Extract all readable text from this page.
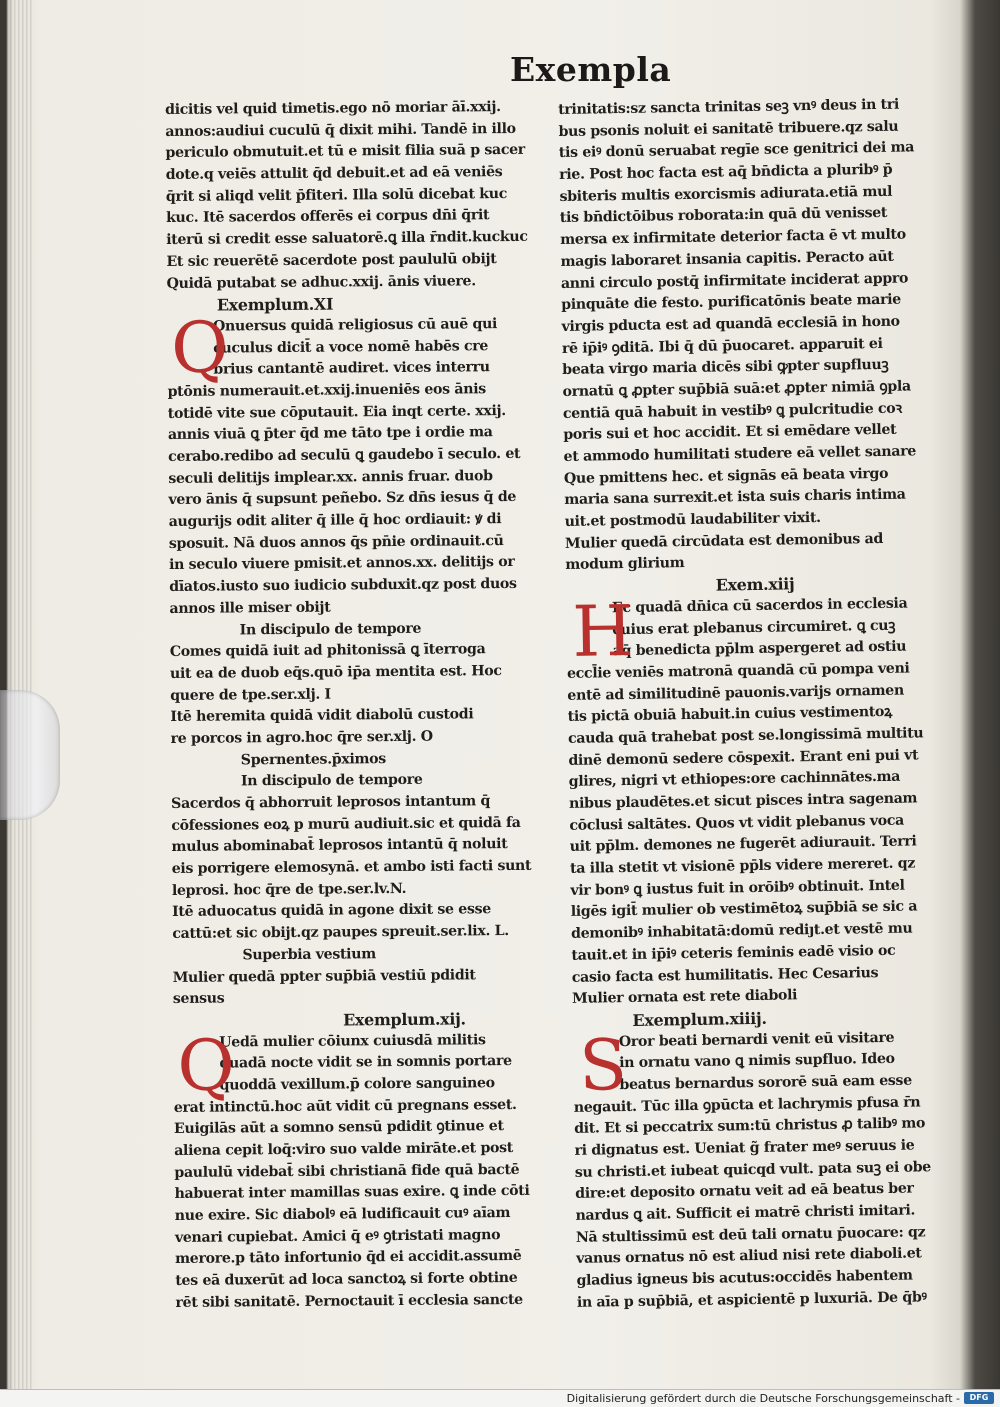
Exempla
dicitis vel quid timetis.ego nō moriar āī.xxij.
annos:audiui cuculū q̄ dixit mihi. Tandē in illo
periculo obmutuit.et tū e misit filia suā p sacer
dote.q veiēs attulit q̄d debuit.et ad eā veniēs
q̄rit si aliqd velit p̄fiteri. Illa solū dicebat kuc
kuc. Itē sacerdos offerēs ei corpus dn̄i q̄rit
iterū si credit esse saluatorē.ꝗ illa r̄ndit.kuckuc
Et sic reuerētē sacerdote post paululū obijt
Quidā putabat se adhuc.xxij. ānis viuere.
Exemplum.XI
Q
Onuersus quidā religiosus cū auē qui
cuculus dicit̄ a voce nomē habēs cre
brius cantantē audiret. vices interru
ptōnis numerauit.et.xxij.inueniēs eos ānis
totidē vite sue cōputauit. Eia inqt certe. xxij.
annis viuā ꝗ p̄ter q̄d me tāto tpe i ordie ma
cerabo.redibo ad seculū ꝗ gaudebo ī seculo. et
seculi delitijs implear.xx. annis fruar. duob
vero ānis q̄ supsunt peñebo. Sz dn̄s iesus q̄ de
augurijs odit aliter q̄ ille q̄ hoc ordiauit: ꝟ di
sposuit. Nā duos annos q̄s pn̄ie ordinauit.cū
in seculo viuere pmisit.et annos.xx. delitijs or
dīatos.iusto suo iudicio subduxit.qz post duos
annos ille miser obijt
In discipulo de tempore
Comes quidā iuit ad phitonissā ꝗ īterroga
uit ea de duob eq̄s.quō ip̄a mentita est. Hoc
quere de tpe.ser.xlj. I
Itē heremita quidā vidit diabolū custodi
re porcos in agro.hoc q̄re ser.xlj. O
Spernentes.p̄ximos
In discipulo de tempore
Sacerdos q̄ abhorruit leprosos intantum q̄
cōfessiones eoꝝ p murū audiuit.sic et quidā fa
mulus abominabat̄ leprosos intantū q̄ noluit
eis porrigere elemosynā. et ambo isti facti sunt
leprosi. hoc q̄re de tpe.ser.lv.N.
Itē aduocatus quidā in agone dixit se esse
cattū:et sic obijt.qz paupes spreuit.ser.lix. L.
Superbia vestium
Mulier quedā ppter sup̄biā vestiū pdidit
sensus
Exemplum.xij.
Q
Uedā mulier cōiunx cuiusdā militis
quadā nocte vidit se in somnis portare
quoddā vexillum.p̄ colore sanguineo
erat intinctū.hoc aūt vidit cū pregnans esset.
Euigilās aūt a somno sensū pdidit ꝯtinue et
aliena cepit loq̄:viro suo valde mirāte.et post
paululū videbat̄ sibi christianā fide quā bactē
habuerat inter mamillas suas exire. ꝗ inde cōti
nue exire. Sic diabolꝰ eā ludificauit cuꝰ aīam
venari cupiebat. Amici q̄ eꝰ ꝯtristati magno
merore.p tāto infortunio q̄d ei accidit.assumē
tes eā duxerūt ad loca sanctoꝝ si forte obtine
rēt sibi sanitatē. Pernoctauit ī ecclesia sancte
trinitatis:sz sancta trinitas seꝫ vnꝰ deus in tri
bus psonis noluit ei sanitatē tribuere.qz salu
tis eiꝰ donū seruabat regīe sce genitrici dei ma
rie. Post hoc facta est aq̄ bn̄dicta a pluribꝰ p̄
sbiteris multis exorcismis adiurata.etiā mul
tis bn̄dictōibus roborata:in quā dū venisset
mersa ex infirmitate deterior facta ē vt multo
magis laboraret insania capitis. Peracto aūt
anni circulo postq̄ infirmitate inciderat appro
pinquāte die festo. purificatōnis beate marie
virgis pducta est ad quandā ecclesiā in hono
rē ip̄iꝰ ꝯditā. Ibi q̄ dū p̄uocaret. apparuit ei
beata virgo maria dicēs sibi ꝙpter supfluuꝫ
ornatū ꝗ ꝓpter sup̄biā suā:et ꝓpter nimiā ꝯpla
centiā quā habuit in vestibꝰ ꝗ pulcritudie coꝛ
poris sui et hoc accidit. Et si emēdare vellet
et ammodo humilitati studere eā vellet sanare
Que pmittens hec. et signās eā beata virgo
maria sana surrexit.et ista suis charis intima
uit.et postmodū laudabiliter vixit.
Mulier quedā circūdata est demonibus ad
modum glirium
Exem.xiij
H
Ec quadā dn̄ica cū sacerdos in ecclesia
cuius erat plebanus circumiret. ꝗ cuꝫ
aq̄ benedicta pp̄lm aspergeret ad ostiu
eccl̄ie veniēs matronā quandā cū pompa veni
entē ad similitudinē pauonis.varijs ornamen
tis pictā obuiā habuit.in cuius vestimentoꝝ
cauda quā trahebat post se.longissimā multitu
dinē demonū sedere cōspexit. Erant eni pui vt
glires, nigri vt ethiopes:ore cachinnātes.ma
nibus plaudētes.et sicut pisces intra sagenam
cōclusi saltātes. Quos vt vidit plebanus voca
uit pp̄lm. demones ne fugerēt adiurauit. Terri
ta illa stetit vt visionē pp̄ls videre mereret. qz
vir bonꝰ ꝗ iustus fuit in orōibꝰ obtinuit. Intel
ligēs igit̄ mulier ob vestimētoꝝ sup̄biā se sic a
demonibꝰ inhabitatā:domū rediȷt.et vestē mu
tauit.et in ip̄iꝰ ceteris feminis eadē visio oc
casio facta est humilitatis. Hec Cesarius
Mulier ornata est rete diaboli
Exemplum.xiiij.
S
Oror beati bernardi venit eū visitare
in ornatu vano ꝗ nimis supfluo. Ideo
beatus bernardus sororē suā eam esse
negauit. Tūc illa ꝯpūcta et lachrymis pfusa r̄n
dit. Et si peccatrix sum:tū christus ꝓ talibꝰ mo
ri dignatus est. Ueniat g̃ frater meꝰ seruus ie
su christi.et iubeat quicqd vult. pata suꝫ ei obe
dire:et deposito ornatu veit ad eā beatus ber
nardus ꝗ ait. Sufficit ei matrē christi imitari.
Nā stultissimū est deū tali ornatu p̄uocare: qz
vanus ornatus nō est aliud nisi rete diaboli.et
gladius igneus bis acutus:occidēs habentem
in aīa p sup̄biā, et aspicientē p luxuriā. De q̄bꝰ
Digitalisierung gefördert durch die Deutsche Forschungsgemeinschaft -	DFG
